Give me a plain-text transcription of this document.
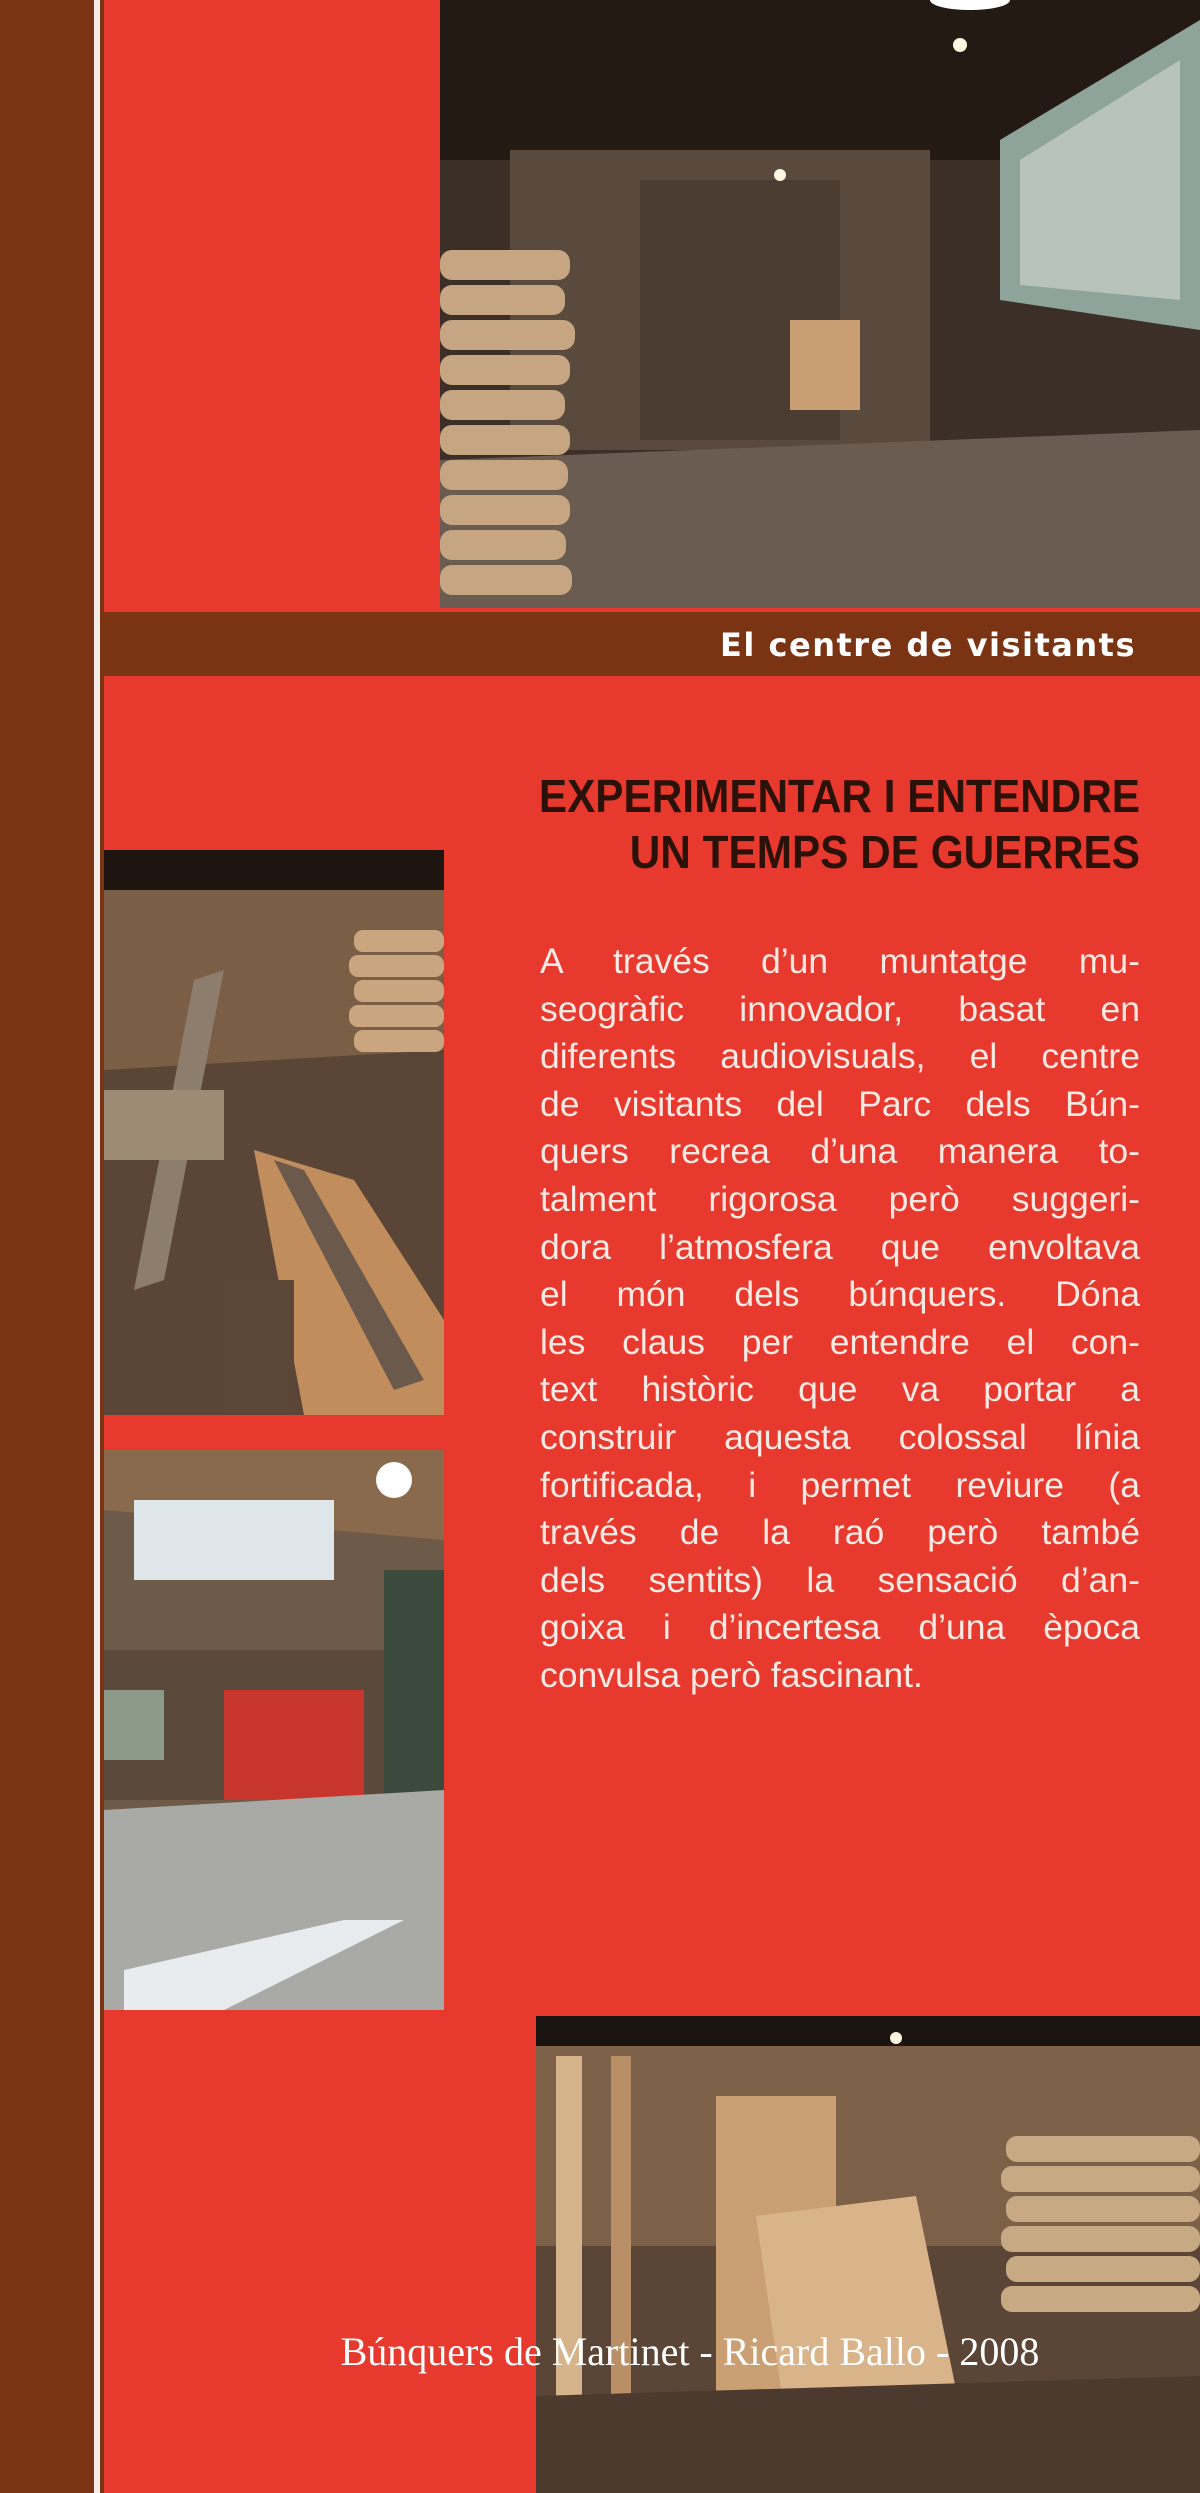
El centre de visitants
EXPERIMENTAR I ENTENDRE
UN TEMPS DE GUERRES
A través d’un muntatge mu-
seogràfic innovador, basat en
diferents audiovisuals, el centre
de visitants del Parc dels Bún-
quers recrea d’una manera to-
talment rigorosa però suggeri-
dora l’atmosfera que envoltava
el món dels búnquers. Dóna
les claus per entendre el con-
text històric que va portar a
construir aquesta colossal línia
fortificada, i permet reviure (a
través de la raó però també
dels sentits) la sensació d’an-
goixa i d’incertesa d’una època
convulsa però fascinant.
Búnquers de Martinet - Ricard Ballo - 2008
